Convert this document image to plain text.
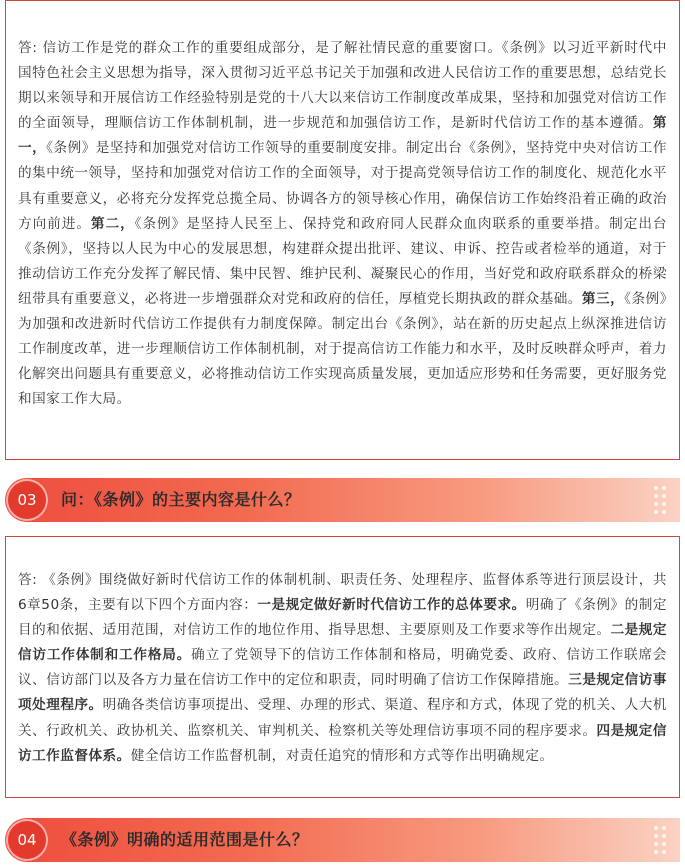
答: 信访工作是党的群众工作的重要组成部分，是了解社情民意的重要窗口。《条例》以习近平新时代中国特色社会主义思想为指导，深入贯彻习近平总书记关于加强和改进人民信访工作的重要思想，总结党长期以来领导和开展信访工作经验特别是党的十八大以来信访工作制度改革成果，坚持和加强党对信访工作的全面领导，理顺信访工作体制机制，进一步规范和加强信访工作，是新时代信访工作的基本遵循。第一，《条例》是坚持和加强党对信访工作领导的重要制度安排。制定出台《条例》，坚持党中央对信访工作的集中统一领导，坚持和加强党对信访工作的全面领导，对于提高党领导信访工作的制度化、规范化水平具有重要意义，必将充分发挥党总揽全局、协调各方的领导核心作用，确保信访工作始终沿着正确的政治方向前进。第二，《条例》是坚持人民至上、保持党和政府同人民群众血肉联系的重要举措。制定出台《条例》，坚持以人民为中心的发展思想，构建群众提出批评、建议、申诉、控告或者检举的通道，对于推动信访工作充分发挥了解民情、集中民智、维护民利、凝聚民心的作用，当好党和政府联系群众的桥梁纽带具有重要意义，必将进一步增强群众对党和政府的信任，厚植党长期执政的群众基础。第三，《条例》为加强和改进新时代信访工作提供有力制度保障。制定出台《条例》，站在新的历史起点上纵深推进信访工作制度改革，进一步理顺信访工作体制机制，对于提高信访工作能力和水平，及时反映群众呼声，着力化解突出问题具有重要意义，必将推动信访工作实现高质量发展，更加适应形势和任务需要，更好服务党和国家工作大局。
03	问：《条例》的主要内容是什么？
答: 《条例》围绕做好新时代信访工作的体制机制、职责任务、处理程序、监督体系等进行顶层设计，共6章50条，主要有以下四个方面内容：一是规定做好新时代信访工作的总体要求。明确了《条例》的制定目的和依据、适用范围，对信访工作的地位作用、指导思想、主要原则及工作要求等作出规定。二是规定信访工作体制和工作格局。确立了党领导下的信访工作体制和格局，明确党委、政府、信访工作联席会议、信访部门以及各方力量在信访工作中的定位和职责，同时明确了信访工作保障措施。三是规定信访事项处理程序。明确各类信访事项提出、受理、办理的形式、渠道、程序和方式，体现了党的机关、人大机关、行政机关、政协机关、监察机关、审判机关、检察机关等处理信访事项不同的程序要求。四是规定信访工作监督体系。健全信访工作监督机制，对责任追究的情形和方式等作出明确规定。
04	《条例》明确的适用范围是什么？
